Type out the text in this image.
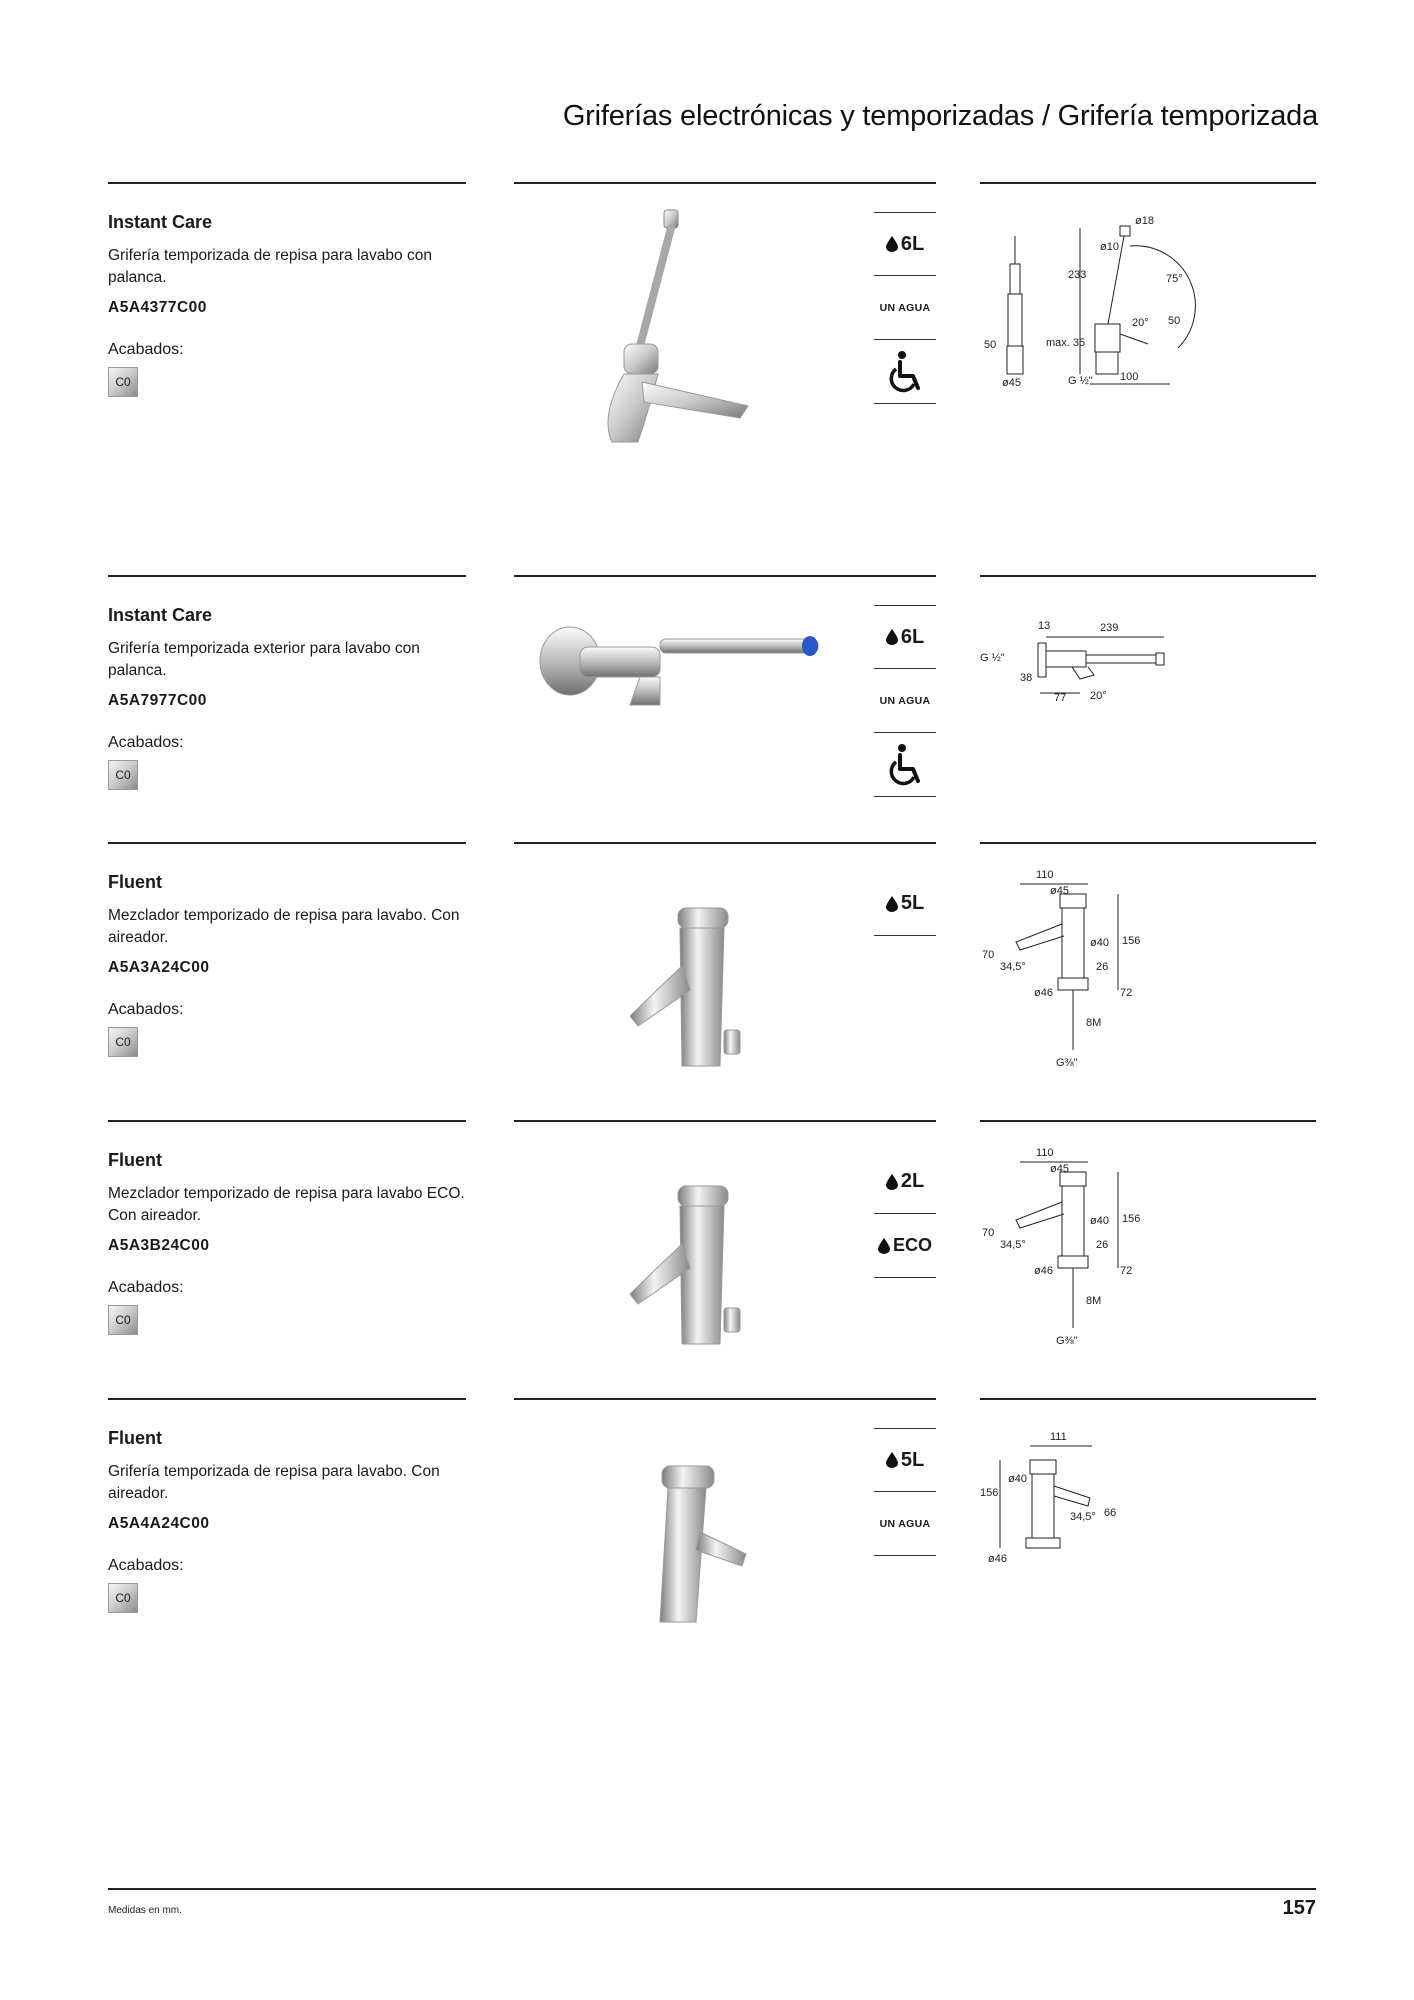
Griferías electrónicas y temporizadas / Grifería temporizada

Instant Care

Grifería temporizada de repisa para lavabo con palanca.

A5A4377C00

Acabados:

C0
6L
UN AGUA
ø18
ø10
233	75°
20° 50
50	max. 35
ø45	G ½" 100

Instant Care

Grifería temporizada exterior para lavabo con palanca.

A5A7977C00

Acabados:

C0
6L
UN AGUA
13	239
G ½"
38
77 20°

Fluent

Mezclador temporizado de repisa para lavabo. Con aireador.

A5A3A24C00

Acabados:

C0
5L
110
ø45
ø40 156
70
34,5°	26
ø46	72
8M
G⅜"

Fluent

Mezclador temporizado de repisa para lavabo ECO. Con aireador.

A5A3B24C00

Acabados:

C0
2L
ECO
110
ø45
ø40 156
70
34,5°	26
ø46	72
8M
G⅜"

Fluent

Grifería temporizada de repisa para lavabo. Con aireador.

A5A4A24C00

Acabados:

C0
5L
UN AGUA
111
ø40
156
34,5° 66
ø46
Medidas en mm.	157
